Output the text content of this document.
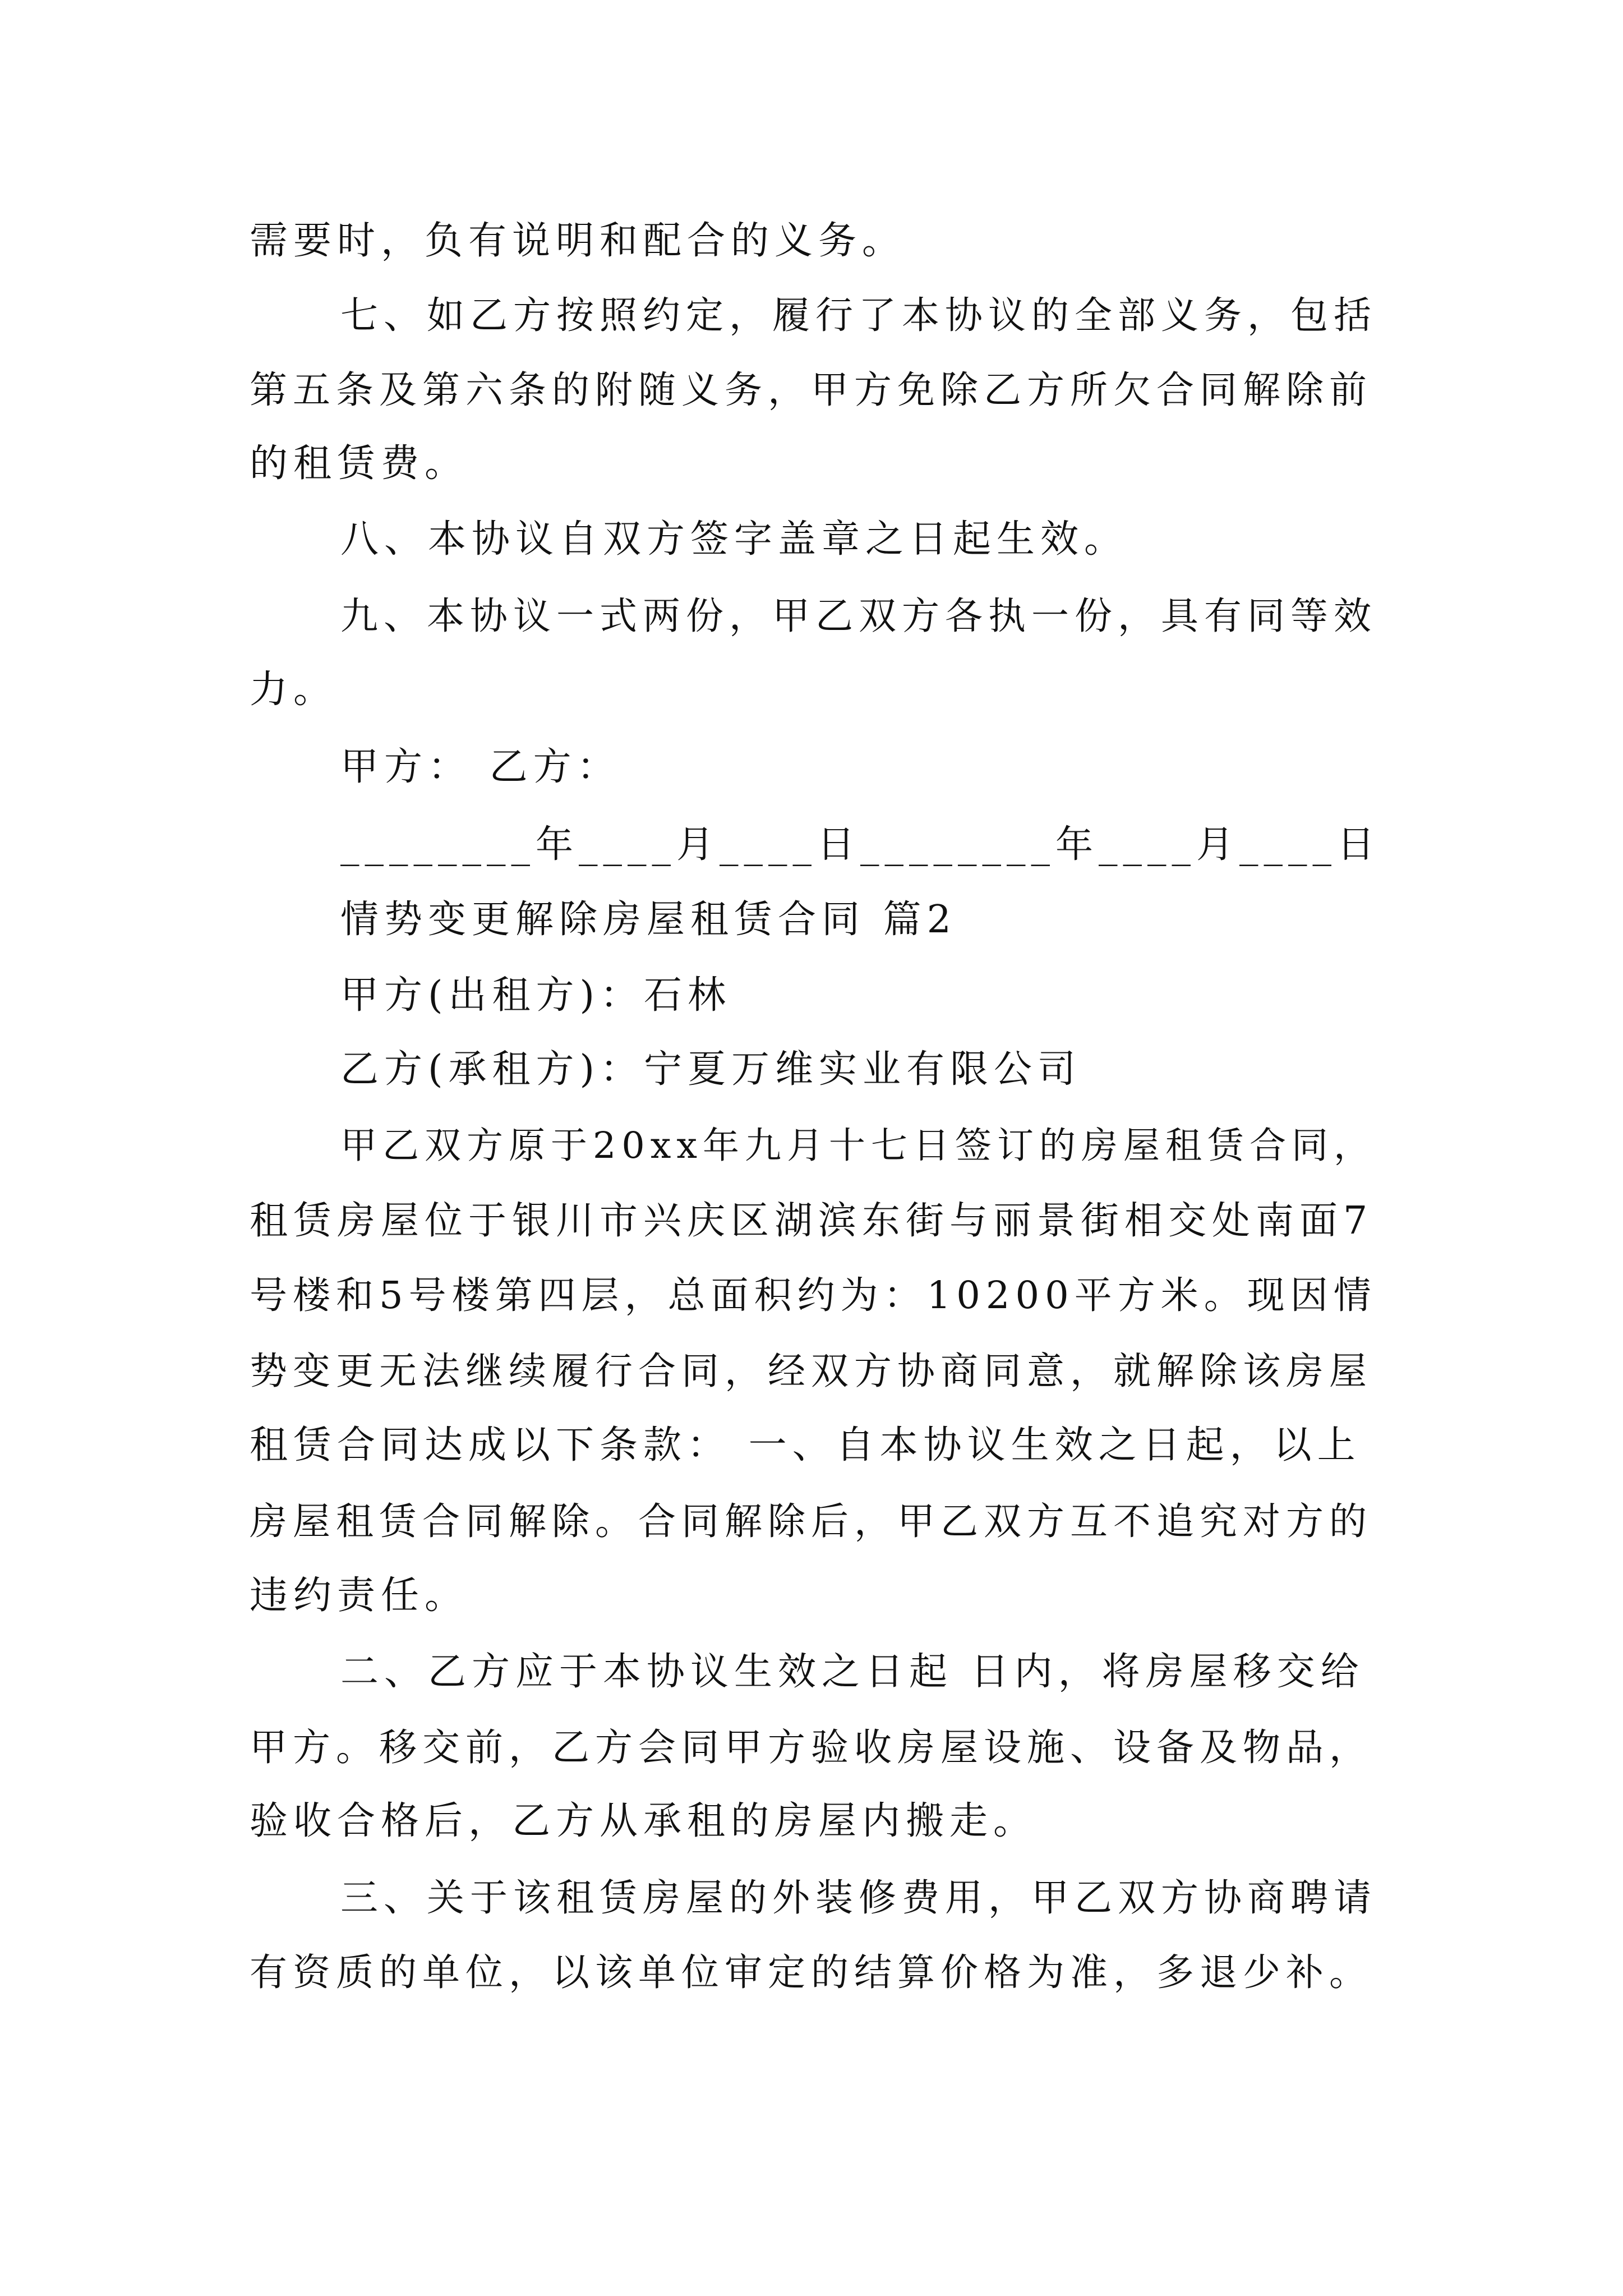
需要时，负有说明和配合的义务。
七、如乙方按照约定，履行了本协议的全部义务，包括
第五条及第六条的附随义务，甲方免除乙方所欠合同解除前
的租赁费。
八、本协议自双方签字盖章之日起生效。
九、本协议一式两份，甲乙双方各执一份，具有同等效
力。
甲方： 乙方：
________年____月____日________年____月____日
情势变更解除房屋租赁合同 篇2
甲方(出租方)：石林
乙方(承租方)：宁夏万维实业有限公司
甲乙双方原于20xx年九月十七日签订的房屋租赁合同，
租赁房屋位于银川市兴庆区湖滨东街与丽景街相交处南面7
号楼和5号楼第四层，总面积约为：10200平方米。现因情
势变更无法继续履行合同，经双方协商同意，就解除该房屋
租赁合同达成以下条款： 一、自本协议生效之日起，以上
房屋租赁合同解除。合同解除后，甲乙双方互不追究对方的
违约责任。
二、乙方应于本协议生效之日起 日内，将房屋移交给
甲方。移交前，乙方会同甲方验收房屋设施、设备及物品，
验收合格后，乙方从承租的房屋内搬走。
三、关于该租赁房屋的外装修费用，甲乙双方协商聘请
有资质的单位，以该单位审定的结算价格为准，多退少补。
